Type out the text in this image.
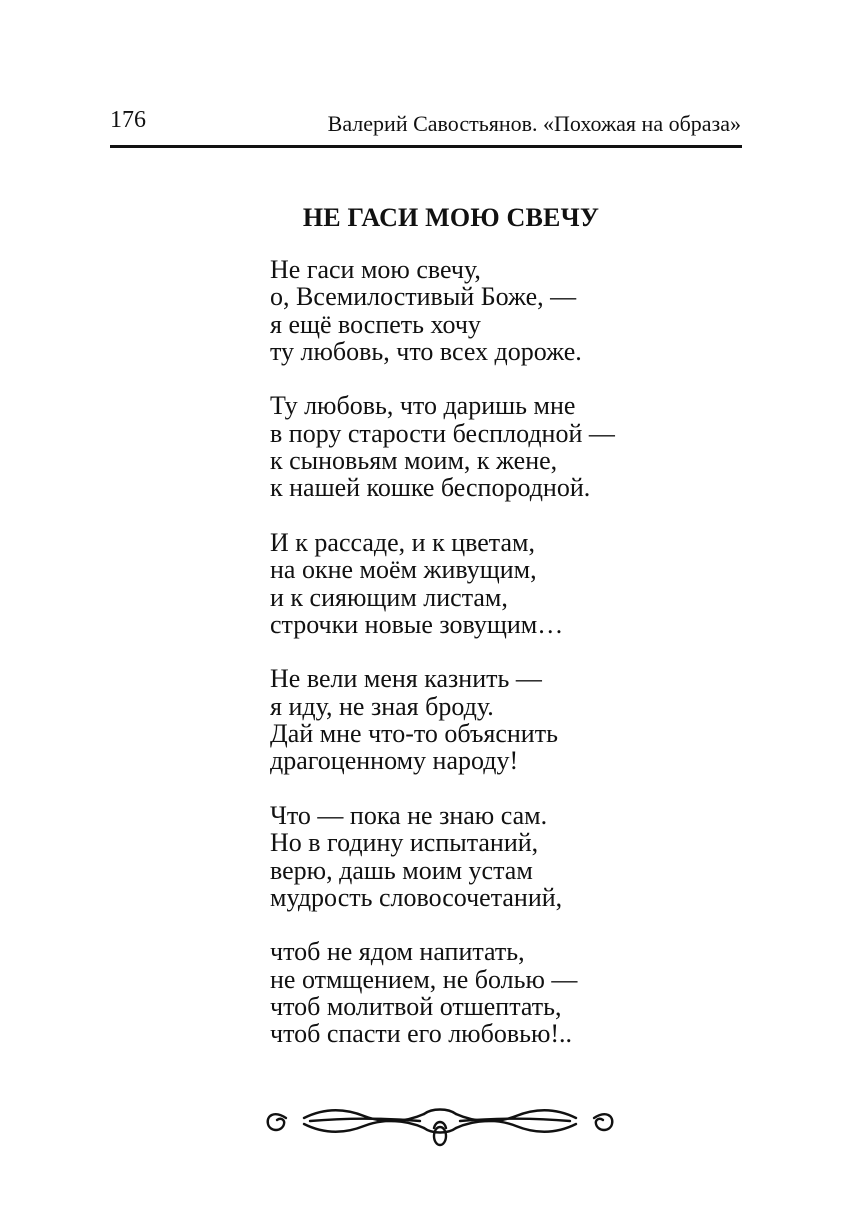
176	Валерий Савостьянов. «Похожая на образа»
НЕ ГАСИ МОЮ СВЕЧУ
Не гаси мою свечу,
о, Всемилостивый Боже, —
я ещё воспеть хочу
ту любовь, что всех дороже.
Ту любовь, что даришь мне
в пору старости бесплодной —
к сыновьям моим, к жене,
к нашей кошке беспородной.
И к рассаде, и к цветам,
на окне моём живущим,
и к сияющим листам,
строчки новые зовущим…
Не вели меня казнить —
я иду, не зная броду.
Дай мне что-то объяснить
драгоценному народу!
Что — пока не знаю сам.
Но в годину испытаний,
верю, дашь моим устам
мудрость словосочетаний,
чтоб не ядом напитать,
не отмщением, не болью —
чтоб молитвой отшептать,
чтоб спасти его любовью!..
